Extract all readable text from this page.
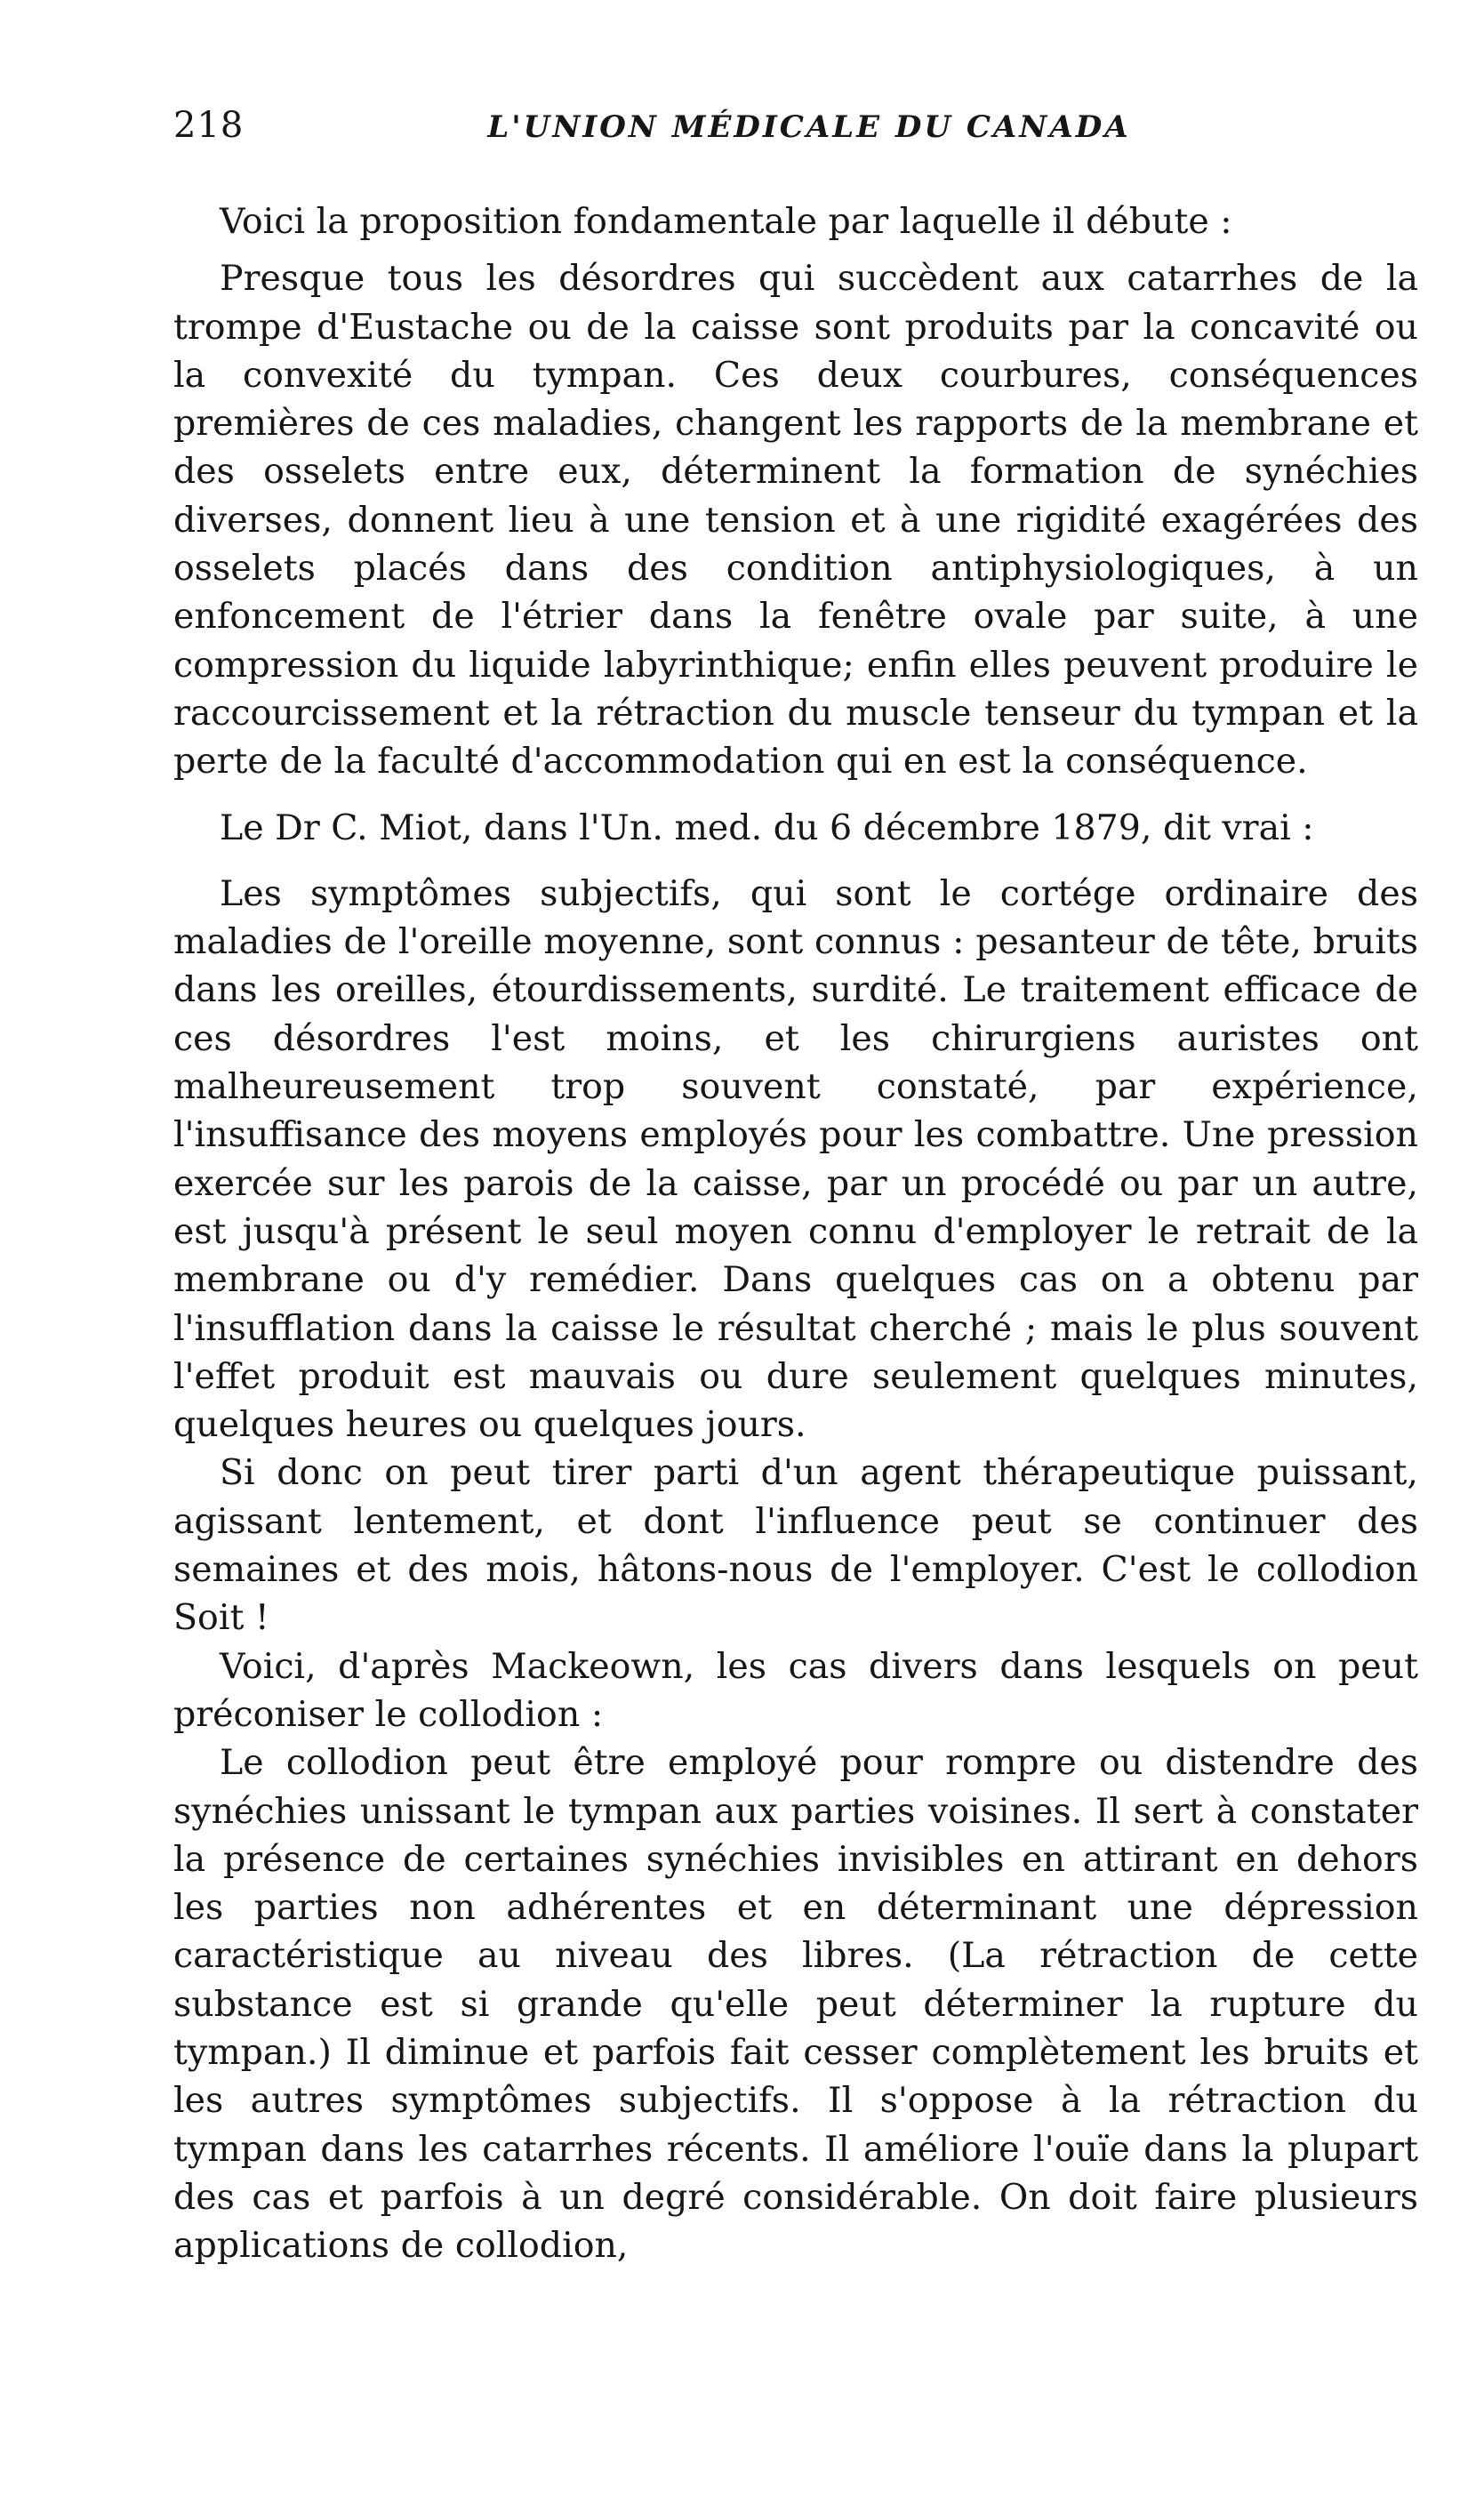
218	L'UNION MÉDICALE DU CANADA

Voici la proposition fondamentale par laquelle il débute :

Presque tous les désordres qui succèdent aux catarrhes de la trompe d'Eustache ou de la caisse sont produits par la concavité ou la convexité du tympan. Ces deux courbures, conséquences premières de ces maladies, changent les rapports de la membrane et des osselets entre eux, déterminent la formation de synéchies diverses, donnent lieu à une tension et à une rigidité exagérées des osselets placés dans des condition antiphysiologiques, à un enfoncement de l'étrier dans la fenêtre ovale par suite, à une compression du liquide labyrinthique; enfin elles peuvent produire le raccourcissement et la rétraction du muscle tenseur du tympan et la perte de la faculté d'accommodation qui en est la conséquence.

Le Dr C. Miot, dans l'Un. med. du 6 décembre 1879, dit vrai :

Les symptômes subjectifs, qui sont le cortége ordinaire des maladies de l'oreille moyenne, sont connus : pesanteur de tête, bruits dans les oreilles, étourdissements, surdité. Le traitement efficace de ces désordres l'est moins, et les chirurgiens auristes ont malheureusement trop souvent constaté, par expérience, l'insuffisance des moyens employés pour les combattre. Une pression exercée sur les parois de la caisse, par un procédé ou par un autre, est jusqu'à présent le seul moyen connu d'employer le retrait de la membrane ou d'y remédier. Dans quelques cas on a obtenu par l'insufflation dans la caisse le résultat cherché ; mais le plus souvent l'effet produit est mauvais ou dure seulement quelques minutes, quelques heures ou quelques jours.

Si donc on peut tirer parti d'un agent thérapeutique puissant, agissant lentement, et dont l'influence peut se continuer des semaines et des mois, hâtons-nous de l'employer. C'est le collodion Soit !

Voici, d'après Mackeown, les cas divers dans lesquels on peut préconiser le collodion :

Le collodion peut être employé pour rompre ou distendre des synéchies unissant le tympan aux parties voisines. Il sert à constater la présence de certaines synéchies invisibles en attirant en dehors les parties non adhérentes et en déterminant une dépression caractéristique au niveau des libres. (La rétraction de cette substance est si grande qu'elle peut déterminer la rupture du tympan.) Il diminue et parfois fait cesser complètement les bruits et les autres symptômes subjectifs. Il s'oppose à la rétraction du tympan dans les catarrhes récents. Il améliore l'ouïe dans la plupart des cas et parfois à un degré considérable. On doit faire plusieurs applications de collodion,
